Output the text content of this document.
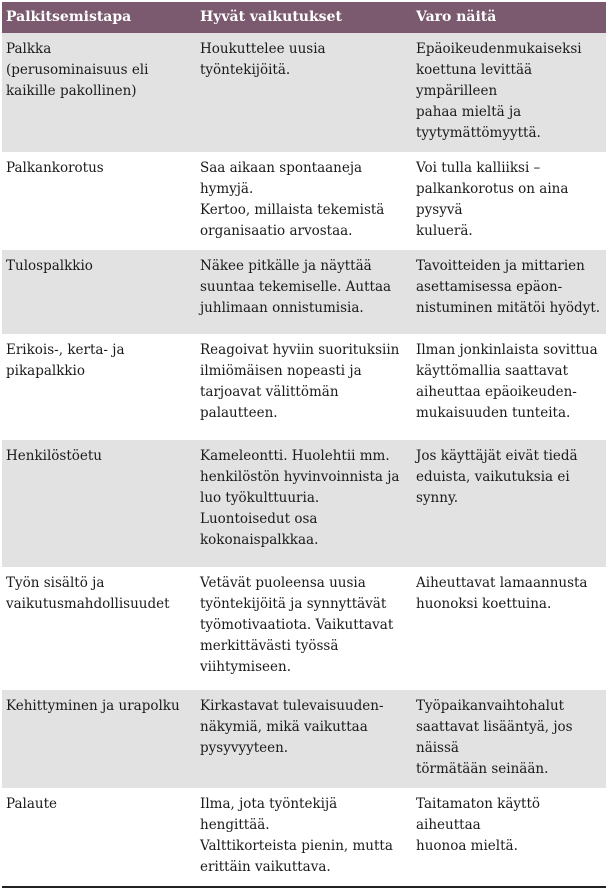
Palkitsemistapa	Hyvät vaikutukset	Varo näitä

Palkka
(perusominaisuus eli
kaikille pakollinen)	Houkuttelee uusia
työntekijöitä.	Epäoikeudenmukaiseksi
koettuna levittää ympärilleen
pahaa mieltä ja
tyytymättömyyttä.

Palkankorotus	Saa aikaan spontaaneja hymyjä.
Kertoo, millaista tekemistä
organisaatio arvostaa.	Voi tulla kalliiksi –
palkankorotus on aina pysyvä
kuluerä.

Tulospalkkio	Näkee pitkälle ja näyttää
suuntaa tekemiselle. Auttaa
juhlimaan onnistumisia.	Tavoitteiden ja mittarien
asettamisessa epäon-
nistuminen mitätöi hyödyt.

Erikois-, kerta- ja
pikapalkkio	Reagoivat hyviin suorituksiin
ilmiömäisen nopeasti ja
tarjoavat välittömän
palautteen.	Ilman jonkinlaista sovittua
käyttömallia saattavat
aiheuttaa epäoikeuden-
mukaisuuden tunteita.

Henkilöstöetu	Kameleontti. Huolehtii mm.
henkilöstön hyvinvoinnista ja
luo työkulttuuria.
Luontoisedut osa
kokonaispalkkaa.	Jos käyttäjät eivät tiedä
eduista, vaikutuksia ei synny.

Työn sisältö ja
vaikutusmahdollisuudet	Vetävät puoleensa uusia
työntekijöitä ja synnyttävät
työmotivaatiota. Vaikuttavat
merkittävästi työssä
viihtymiseen.	Aiheuttavat lamaannusta
huonoksi koettuina.

Kehittyminen ja urapolku	Kirkastavat tulevaisuuden-
näkymiä, mikä vaikuttaa
pysyvyyteen.	Työpaikanvaihtohalut
saattavat lisääntyä, jos näissä
törmätään seinään.

Palaute	Ilma, jota työntekijä hengittää.
Valttikorteista pienin, mutta
erittäin vaikuttava.	Taitamaton käyttö aiheuttaa
huonoa mieltä.
